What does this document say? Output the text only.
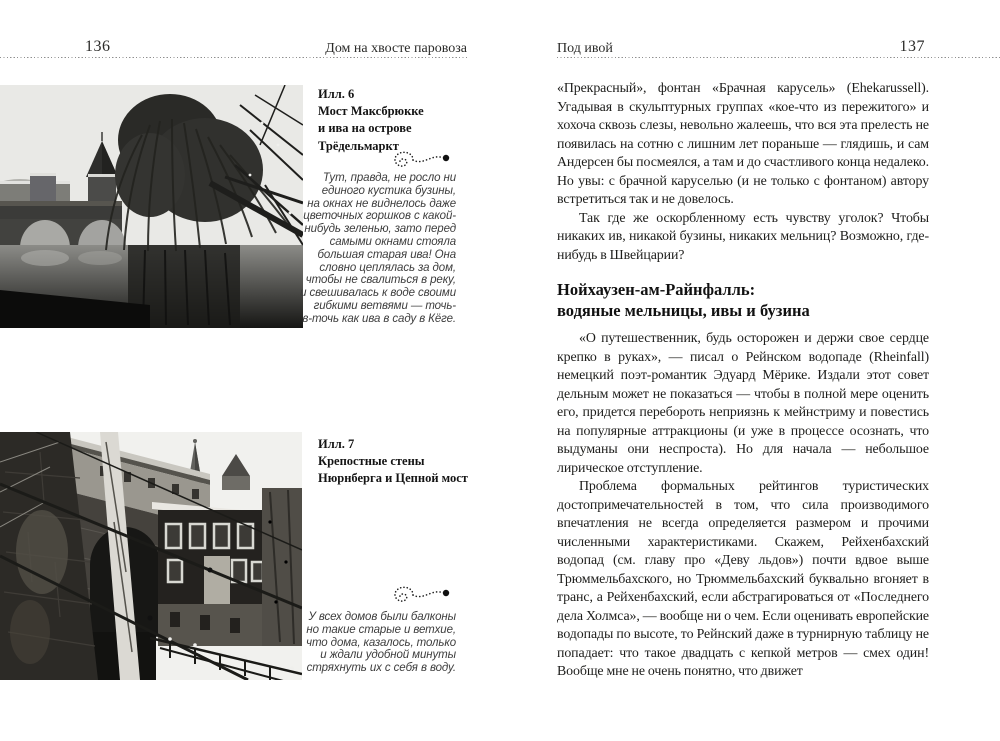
136	Дом на хвосте паровоза	Под ивой	137
Илл. 6
Мост Максбрюкке
и ива на острове
Трёдельмаркт
Тут, правда, не росло ни
единого кустика бузины,
на окнах не виднелось даже
цветочных горшков с какой-
нибудь зеленью, зато перед
самыми окнами стояла
большая старая ива! Она
словно цеплялась за дом,
чтобы не свалиться в реку,
и свешивалась к воде своими
гибкими ветвями — точь-
в-точь как ива в саду в Кёге.
Илл. 7
Крепостные стены
Нюрнберга и Цепной мост
У всех домов были балконы
но такие старые и ветхие,
что дома, казалось, только
и ждали удобной минуты
стряхнуть их с себя в воду.

«Прекрасный», фонтан «Брачная карусель» (Ehekarussell). Угадывая в скульптурных группах «кое-что из пережитого» и хохоча сквозь слезы, невольно жалеешь, что вся эта прелесть не появилась на сотню с лишним лет пораньше — глядишь, и сам Андерсен бы посмеялся, а там и до счастливого конца недалеко. Но увы: с брачной каруселью (и не только с фонтаном) автору встретиться так и не довелось.

Так где же оскорбленному есть чувству уголок? Чтобы никаких ив, никакой бузины, никаких мельниц? Возможно, где-нибудь в Швейцарии?

Нойхаузен-ам-Райнфалль:
водяные мельницы, ивы и бузина

«О путешественник, будь осторожен и держи свое сердце крепко в руках», — писал о Рейнском водопаде (Rheinfall) немецкий поэт-романтик Эдуард Мёрике. Издали этот совет дельным может не показаться — чтобы в полной мере оценить его, придется перебороть неприязнь к мейнстриму и повестись на популярные аттракционы (и уже в процессе осознать, что выдуманы они неспроста). Но для начала — небольшое лирическое отступление.

Проблема формальных рейтингов туристических достопримечательностей в том, что сила производимого впечатления не всегда определяется размером и прочими численными характеристиками. Скажем, Рейхенбахский водопад (см. главу про «Деву льдов») почти вдвое выше Трюммельбахского, но Трюммельбахский буквально вгоняет в транс, а Рейхенбахский, если абстрагироваться от «Последнего дела Холмса», — вообще ни о чем. Если оценивать европейские водопады по высоте, то Рейнский даже в турнирную таблицу не попадает: что такое двадцать с кепкой метров — смех один! Вообще мне не очень понятно, что движет
